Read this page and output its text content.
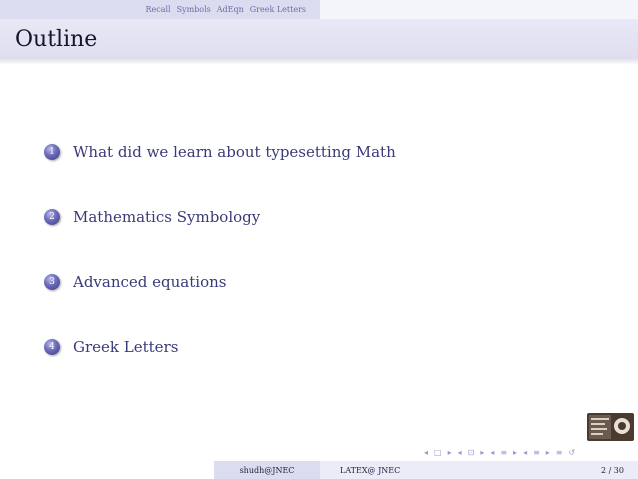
Recall Symbols AdEqn Greek Letters
Outline
1	What did we learn about typesetting Math
2	Mathematics Symbology
3	Advanced equations
4	Greek Letters
◂ □ ▸ ◂ ⊡ ▸ ◂ ≡ ▸ ◂ ≡ ▸ ≡ ↺
shudh@JNEC	LATEX@ JNEC	2 / 30
